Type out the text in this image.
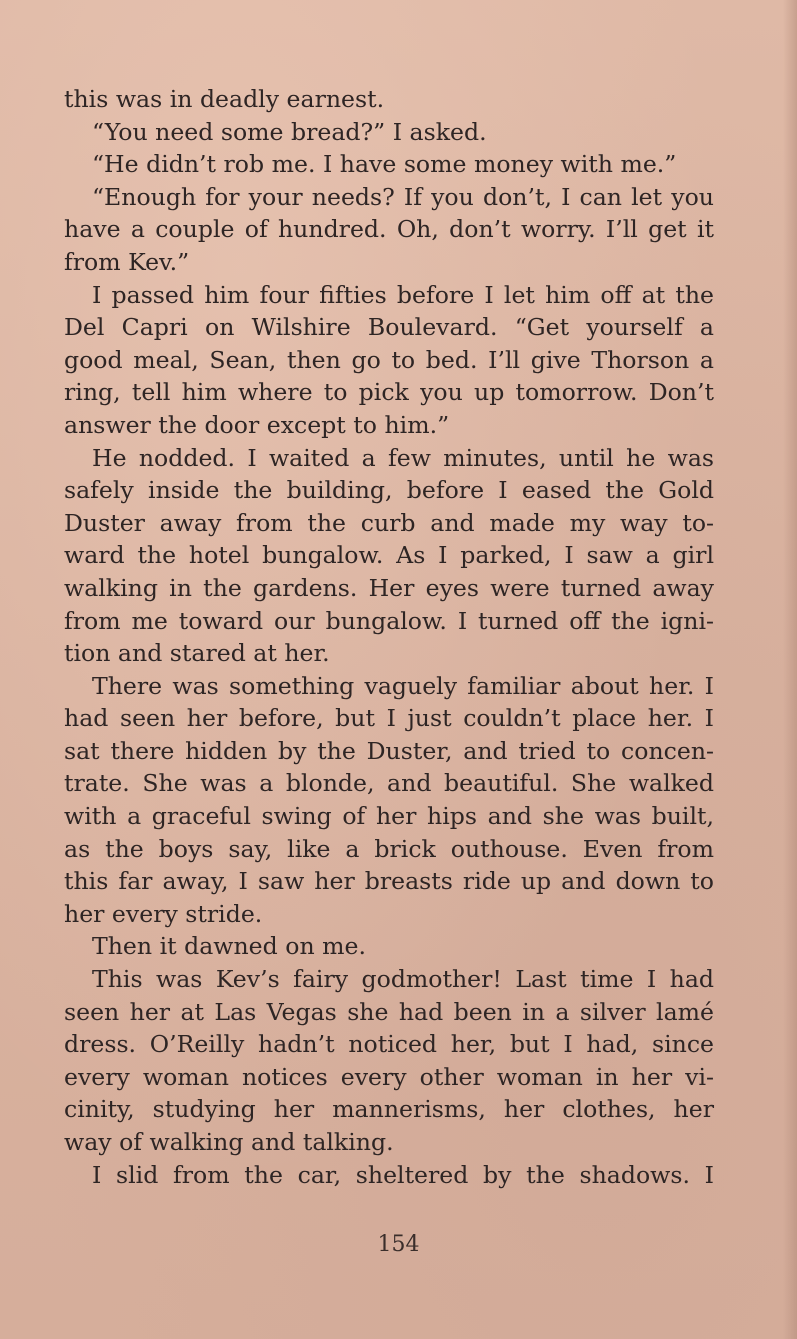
this was in deadly earnest.
“You need some bread?” I asked.
“He didn’t rob me. I have some money with me.”
“Enough for your needs? If you don’t, I can let you
have a couple of hundred. Oh, don’t worry. I’ll get it
from Kev.”
I passed him four fifties before I let him off at the
Del Capri on Wilshire Boulevard. “Get yourself a
good meal, Sean, then go to bed. I’ll give Thorson a
ring, tell him where to pick you up tomorrow. Don’t
answer the door except to him.”
He nodded. I waited a few minutes, until he was
safely inside the building, before I eased the Gold
Duster away from the curb and made my way to-
ward the hotel bungalow. As I parked, I saw a girl
walking in the gardens. Her eyes were turned away
from me toward our bungalow. I turned off the igni-
tion and stared at her.
There was something vaguely familiar about her. I
had seen her before, but I just couldn’t place her. I
sat there hidden by the Duster, and tried to concen-
trate. She was a blonde, and beautiful. She walked
with a graceful swing of her hips and she was built,
as the boys say, like a brick outhouse. Even from
this far away, I saw her breasts ride up and down to
her every stride.
Then it dawned on me.
This was Kev’s fairy godmother! Last time I had
seen her at Las Vegas she had been in a silver lamé
dress. O’Reilly hadn’t noticed her, but I had, since
every woman notices every other woman in her vi-
cinity, studying her mannerisms, her clothes, her
way of walking and talking.
I slid from the car, sheltered by the shadows. I
154
